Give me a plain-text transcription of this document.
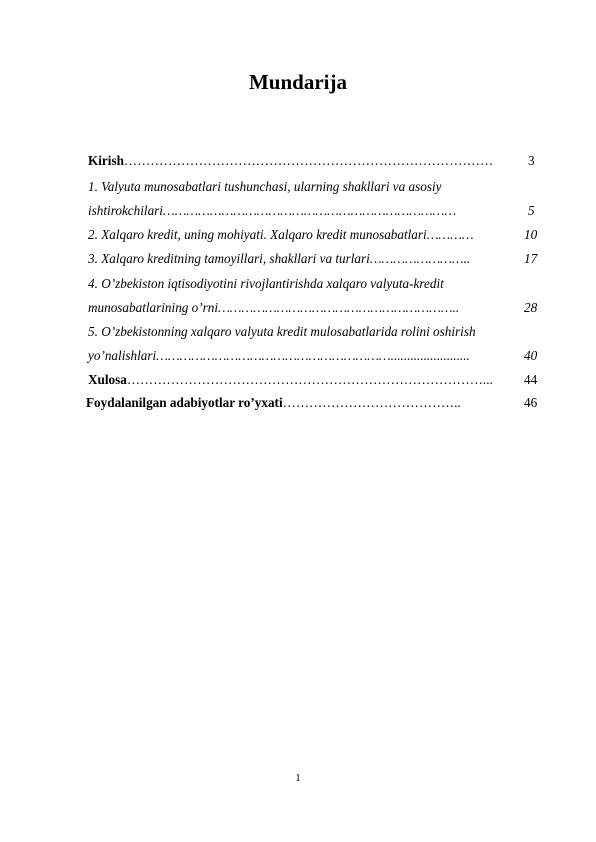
Mundarija
Kirish…………………………………………………………………………	3
1. Valyuta munosabatlari tushunchasi, ularning shakllari va asosiy
ishtirokchilari…………………………………………………………………	5
2. Xalqaro kredit, uning mohiyati. Xalqaro kredit munosabatlari…………	10
3. Xalqaro kreditning tamoyillari, shakllari va turlari……………………..	17
4. O’zbekiston iqtisodiyotini rivojlantirishda xalqaro valyuta-kredit
munosabatlarining o’rni……………………………………………………..	28
5. O’zbekistonning xalqaro valyuta kredit mulosabatlarida rolini oshirish
yo’nalishlari……………………………………………………........................	40
Xulosa………………………………………………………………………... 44
Foydalanilgan adabiyotlar ro’yxati…………………………………..	46
1
